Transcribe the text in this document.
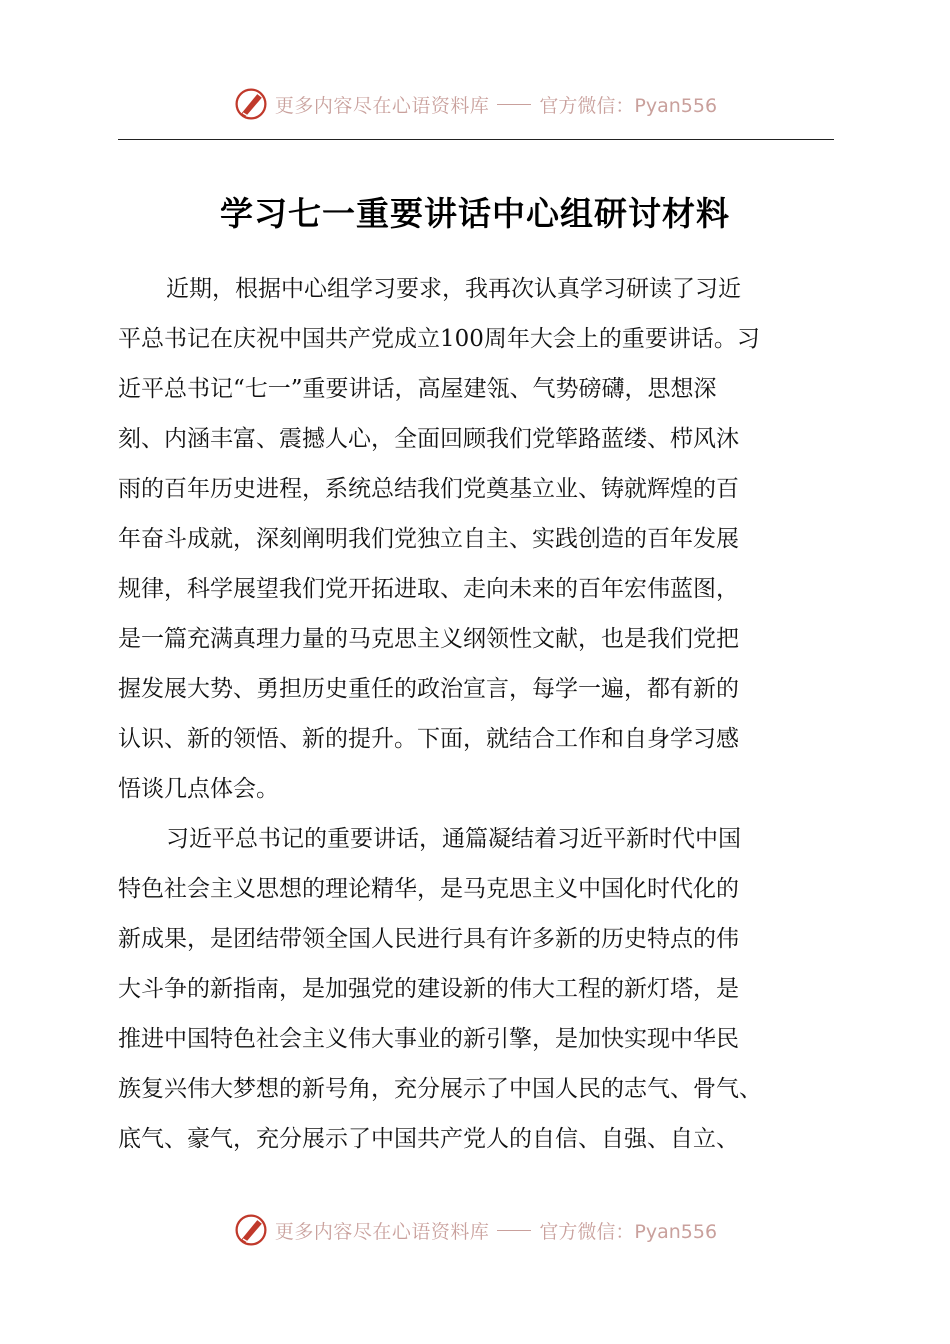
更多内容尽在心语资料库	官方微信：Pyan556
学习七一重要讲话中心组研讨材料
近期，根据中心组学习要求，我再次认真学习研读了习近
平总书记在庆祝中国共产党成立100周年大会上的重要讲话。习
近平总书记“七一”重要讲话，高屋建瓴、气势磅礴，思想深
刻、内涵丰富、震撼人心，全面回顾我们党筚路蓝缕、栉风沐
雨的百年历史进程，系统总结我们党奠基立业、铸就辉煌的百
年奋斗成就，深刻阐明我们党独立自主、实践创造的百年发展
规律，科学展望我们党开拓进取、走向未来的百年宏伟蓝图，
是一篇充满真理力量的马克思主义纲领性文献，也是我们党把
握发展大势、勇担历史重任的政治宣言，每学一遍，都有新的
认识、新的领悟、新的提升。下面，就结合工作和自身学习感
悟谈几点体会。
习近平总书记的重要讲话，通篇凝结着习近平新时代中国
特色社会主义思想的理论精华，是马克思主义中国化时代化的
新成果，是团结带领全国人民进行具有许多新的历史特点的伟
大斗争的新指南，是加强党的建设新的伟大工程的新灯塔，是
推进中国特色社会主义伟大事业的新引擎，是加快实现中华民
族复兴伟大梦想的新号角，充分展示了中国人民的志气、骨气、
底气、豪气，充分展示了中国共产党人的自信、自强、自立、
更多内容尽在心语资料库	官方微信：Pyan556
